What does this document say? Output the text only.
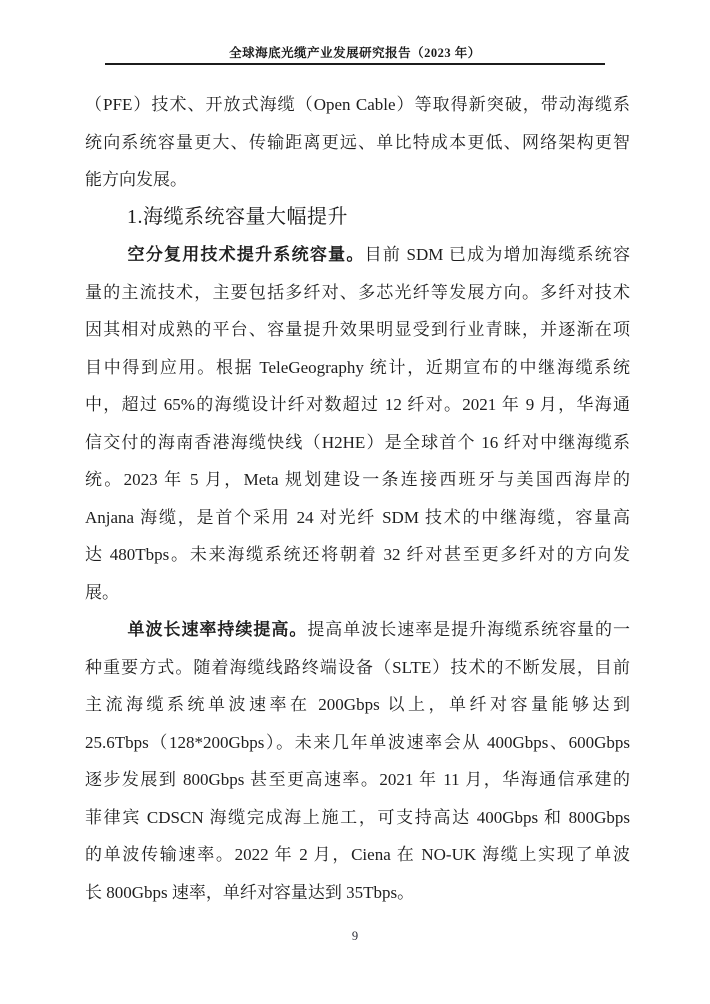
全球海底光缆产业发展研究报告（2023 年）
（PFE）技术、开放式海缆（Open Cable）等取得新突破，带动海缆系
统向系统容量更大、传输距离更远、单比特成本更低、网络架构更智
能方向发展。
1.海缆系统容量大幅提升
空分复用技术提升系统容量。目前 SDM 已成为增加海缆系统容
量的主流技术，主要包括多纤对、多芯光纤等发展方向。多纤对技术
因其相对成熟的平台、容量提升效果明显受到行业青睐，并逐渐在项
目中得到应用。根据 TeleGeography 统计，近期宣布的中继海缆系统
中，超过 65%的海缆设计纤对数超过 12 纤对。2021 年 9 月，华海通
信交付的海南香港海缆快线（H2HE）是全球首个 16 纤对中继海缆系
统。2023 年 5 月，Meta 规划建设一条连接西班牙与美国西海岸的
Anjana 海缆，是首个采用 24 对光纤 SDM 技术的中继海缆，容量高
达 480Tbps。未来海缆系统还将朝着 32 纤对甚至更多纤对的方向发
展。
单波长速率持续提高。提高单波长速率是提升海缆系统容量的一
种重要方式。随着海缆线路终端设备（SLTE）技术的不断发展，目前
主流海缆系统单波速率在 200Gbps 以上，单纤对容量能够达到
25.6Tbps（128*200Gbps）。未来几年单波速率会从 400Gbps、600Gbps
逐步发展到 800Gbps 甚至更高速率。2021 年 11 月，华海通信承建的
菲律宾 CDSCN 海缆完成海上施工，可支持高达 400Gbps 和 800Gbps
的单波传输速率。2022 年 2 月，Ciena 在 NO-UK 海缆上实现了单波
长 800Gbps 速率，单纤对容量达到 35Tbps。
9
